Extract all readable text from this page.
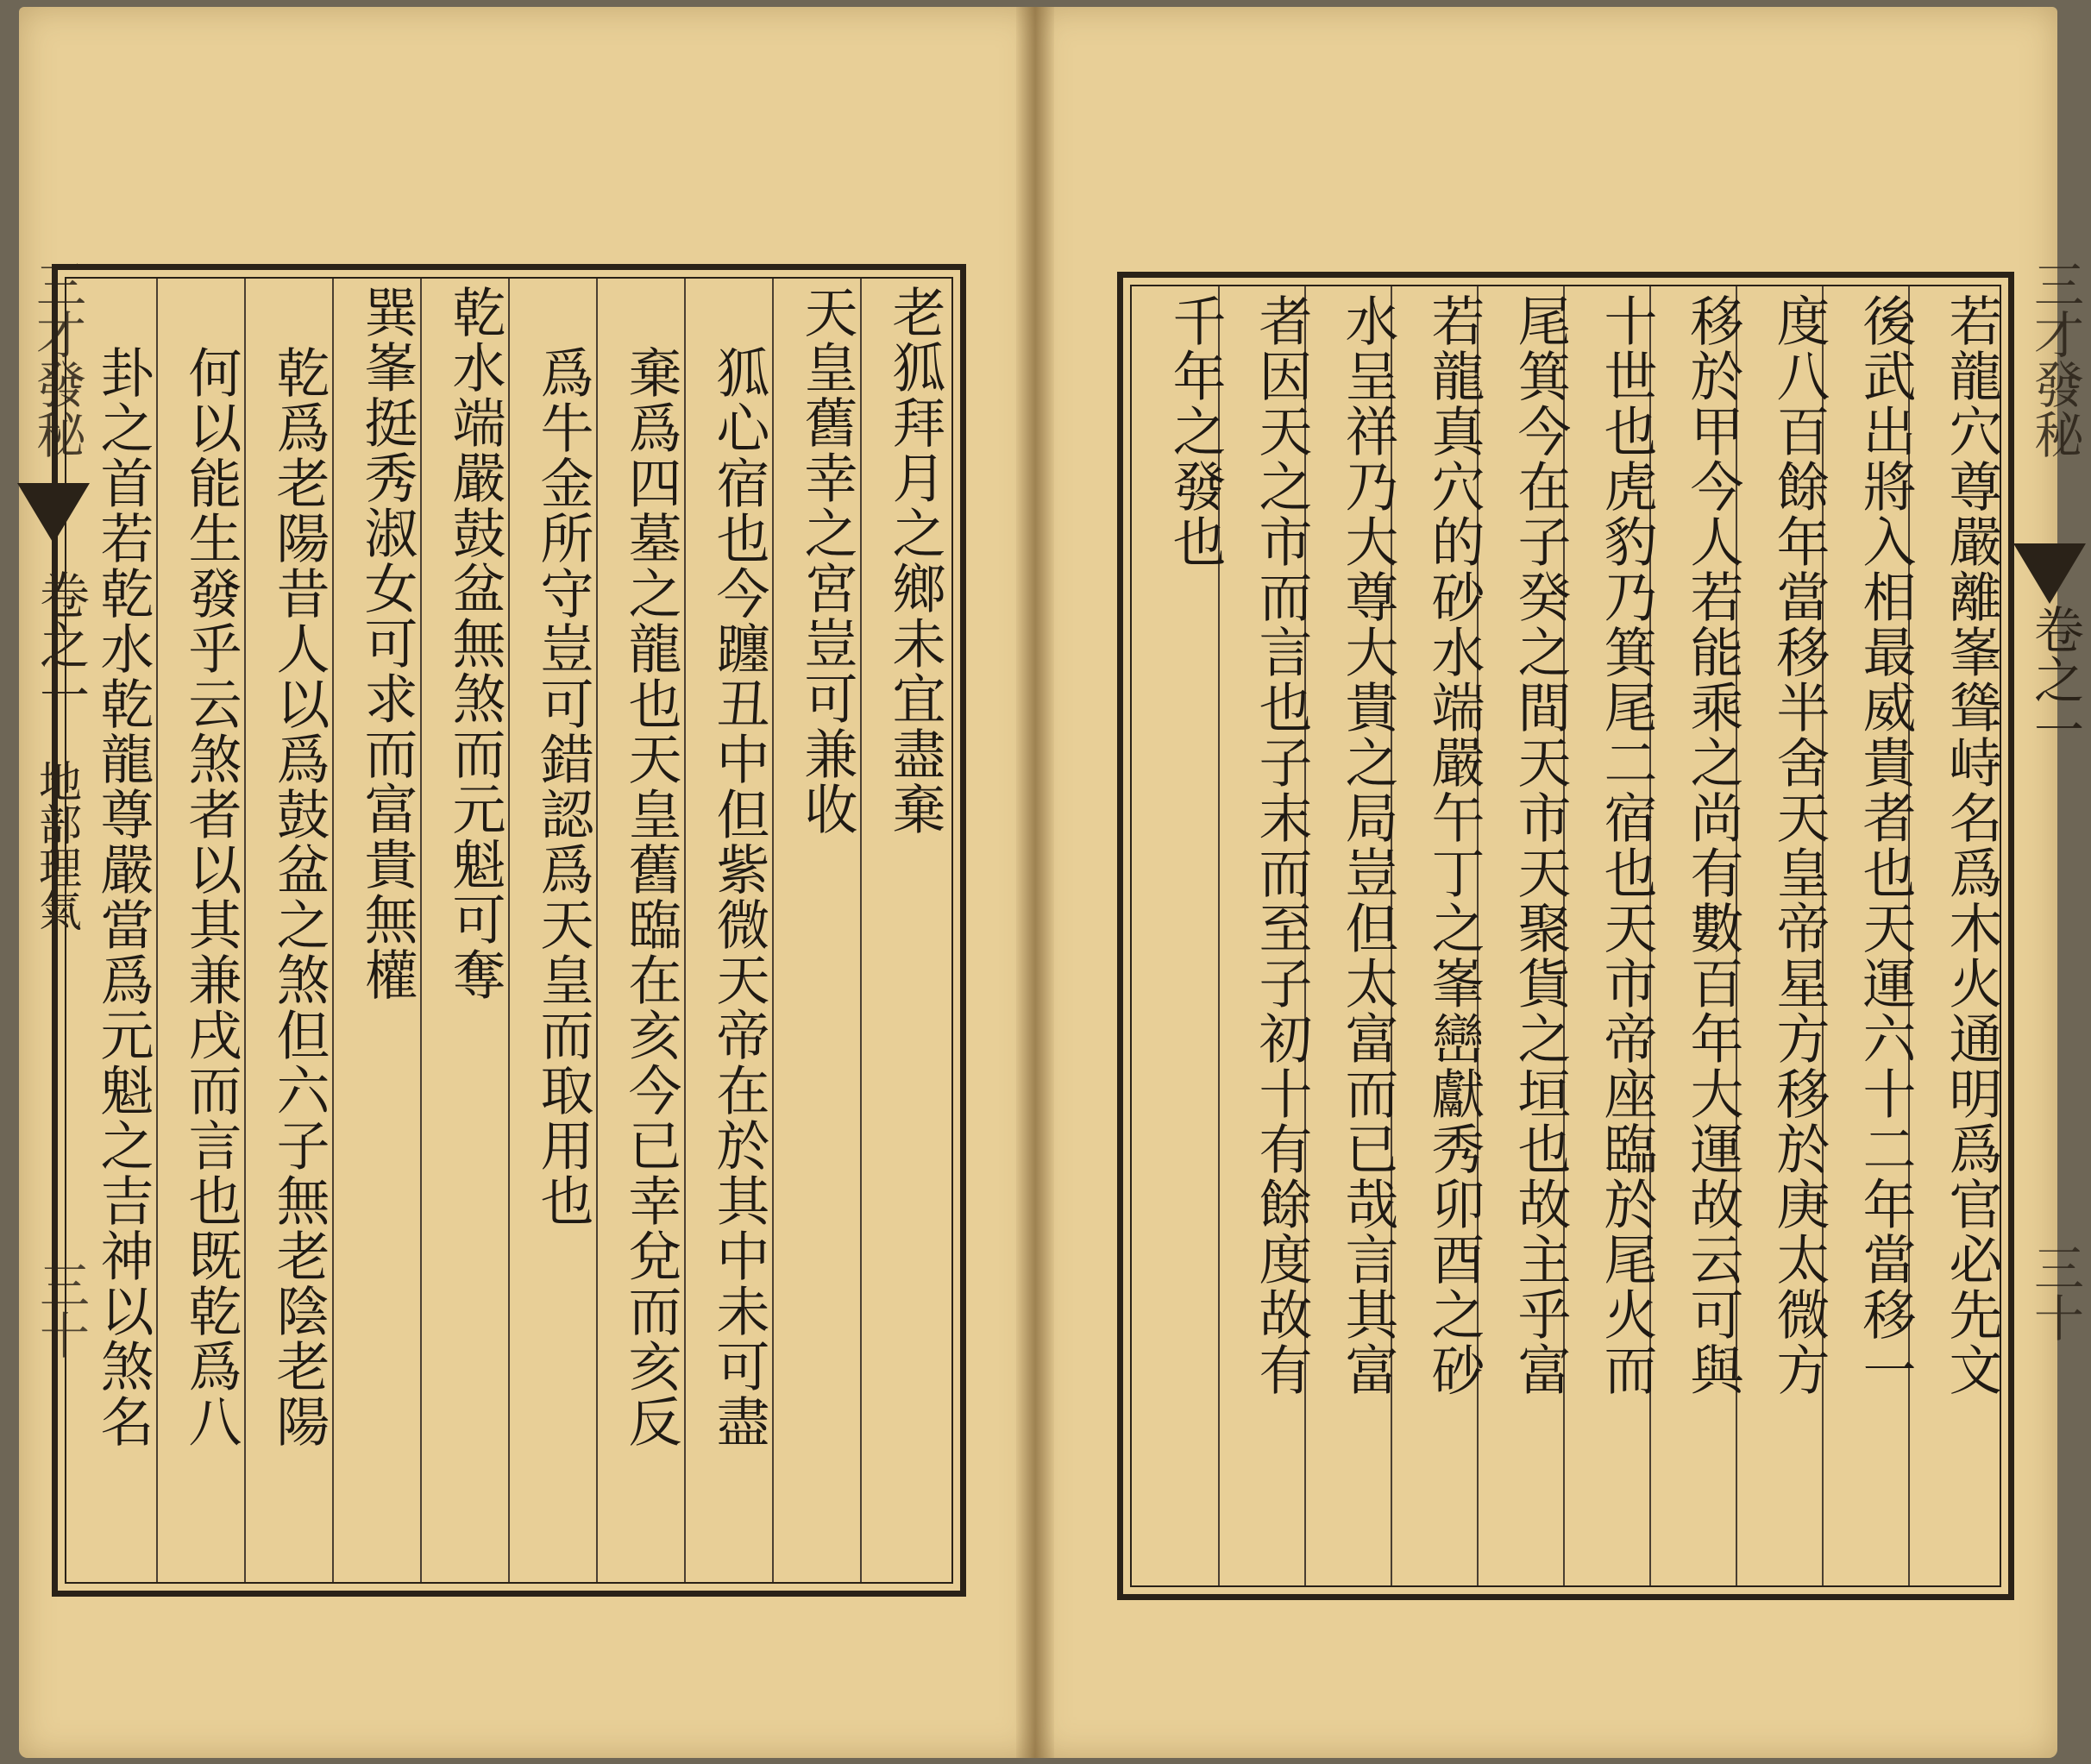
老狐拜月之鄉未宜盡棄
天皇舊幸之宮豈可兼收
狐心宿也今躔丑中但紫微天帝在於其中未可盡
棄爲四墓之龍也天皇舊臨在亥今已幸兌而亥反
爲牛金所守豈可錯認爲天皇而取用也
乾水端嚴鼓盆無煞而元魁可奪
巽峯挺秀淑女可求而富貴無權
乾爲老陽昔人以爲鼓盆之煞但六子無老陰老陽
何以能生發乎云煞者以其兼戌而言也既乾爲八
卦之首若乾水乾龍尊嚴當爲元魁之吉神以煞名
三才發秘
卷之一
地部理氣
三十	若龍穴尊嚴離峯聳峙名爲木火通明爲官必先文
後武出將入相最威貴者也天運六十二年當移一
度八百餘年當移半舍天皇帝星方移於庚太微方
移於甲今人若能乘之尚有數百年大運故云可與
十世也虎豹乃箕尾二宿也天市帝座臨於尾火而
尾箕今在子癸之間天市天聚貨之垣也故主乎富
若龍真穴的砂水端嚴午丁之峯巒獻秀卯酉之砂
水呈祥乃大尊大貴之局豈但太富而已哉言其富
者因天之市而言也子末而至子初十有餘度故有
千年之發也	三才發秘
卷之一
三十
